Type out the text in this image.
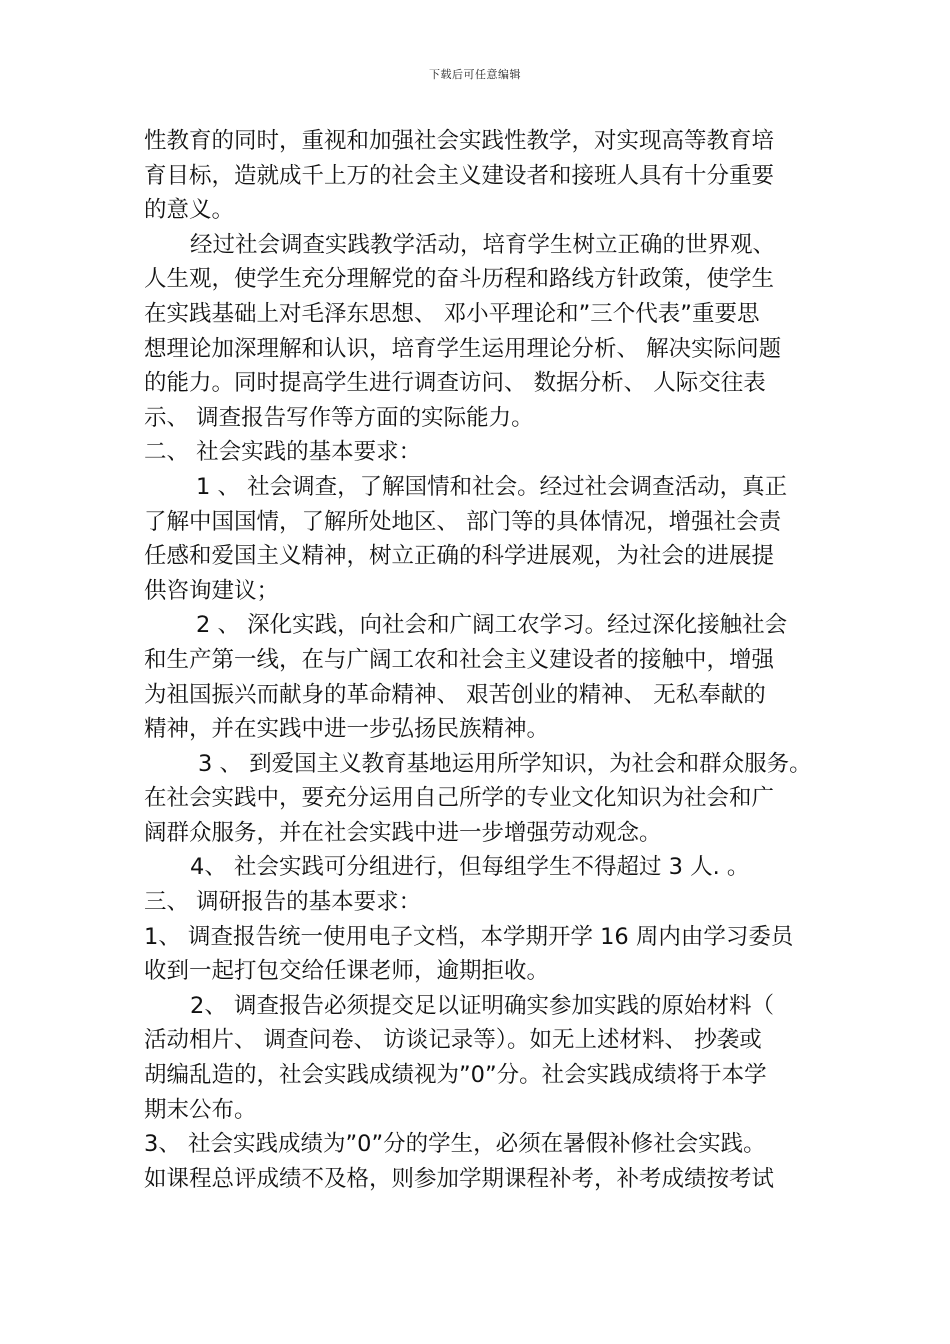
下载后可任意编辑
性教育的同时，重视和加强社会实践性教学，对实现高等教育培
育目标，造就成千上万的社会主义建设者和接班人具有十分重要
的意义。
经过社会调查实践教学活动，培育学生树立正确的世界观、
人生观，使学生充分理解党的奋斗历程和路线方针政策，使学生
在实践基础上对毛泽东思想、 邓小平理论和”三个代表”重要思
想理论加深理解和认识，培育学生运用理论分析、 解决实际问题
的能力。同时提高学生进行调查访问、 数据分析、 人际交往表
示、 调查报告写作等方面的实际能力。
二、 社会实践的基本要求：
1 、 社会调查，了解国情和社会。经过社会调查活动，真正
了解中国国情，了解所处地区、 部门等的具体情况，增强社会责
任感和爱国主义精神，树立正确的科学进展观，为社会的进展提
供咨询建议；
2 、 深化实践，向社会和广阔工农学习。经过深化接触社会
和生产第一线，在与广阔工农和社会主义建设者的接触中，增强
为祖国振兴而献身的革命精神、 艰苦创业的精神、 无私奉献的
精神，并在实践中进一步弘扬民族精神。
3 、 到爱国主义教育基地运用所学知识，为社会和群众服务。
在社会实践中，要充分运用自己所学的专业文化知识为社会和广
阔群众服务，并在社会实践中进一步增强劳动观念。
4、 社会实践可分组进行，但每组学生不得超过 3 人. 。
三、 调研报告的基本要求：
1、 调查报告统一使用电子文档，本学期开学 16 周内由学习委员
收到一起打包交给任课老师，逾期拒收。
2、 调查报告必须提交足以证明确实参加实践的原始材料（
活动相片、 调查问卷、 访谈记录等）。如无上述材料、 抄袭或
胡编乱造的，社会实践成绩视为”0”分。社会实践成绩将于本学
期末公布。
3、 社会实践成绩为”0”分的学生，必须在暑假补修社会实践。
如课程总评成绩不及格，则参加学期课程补考，补考成绩按考试
